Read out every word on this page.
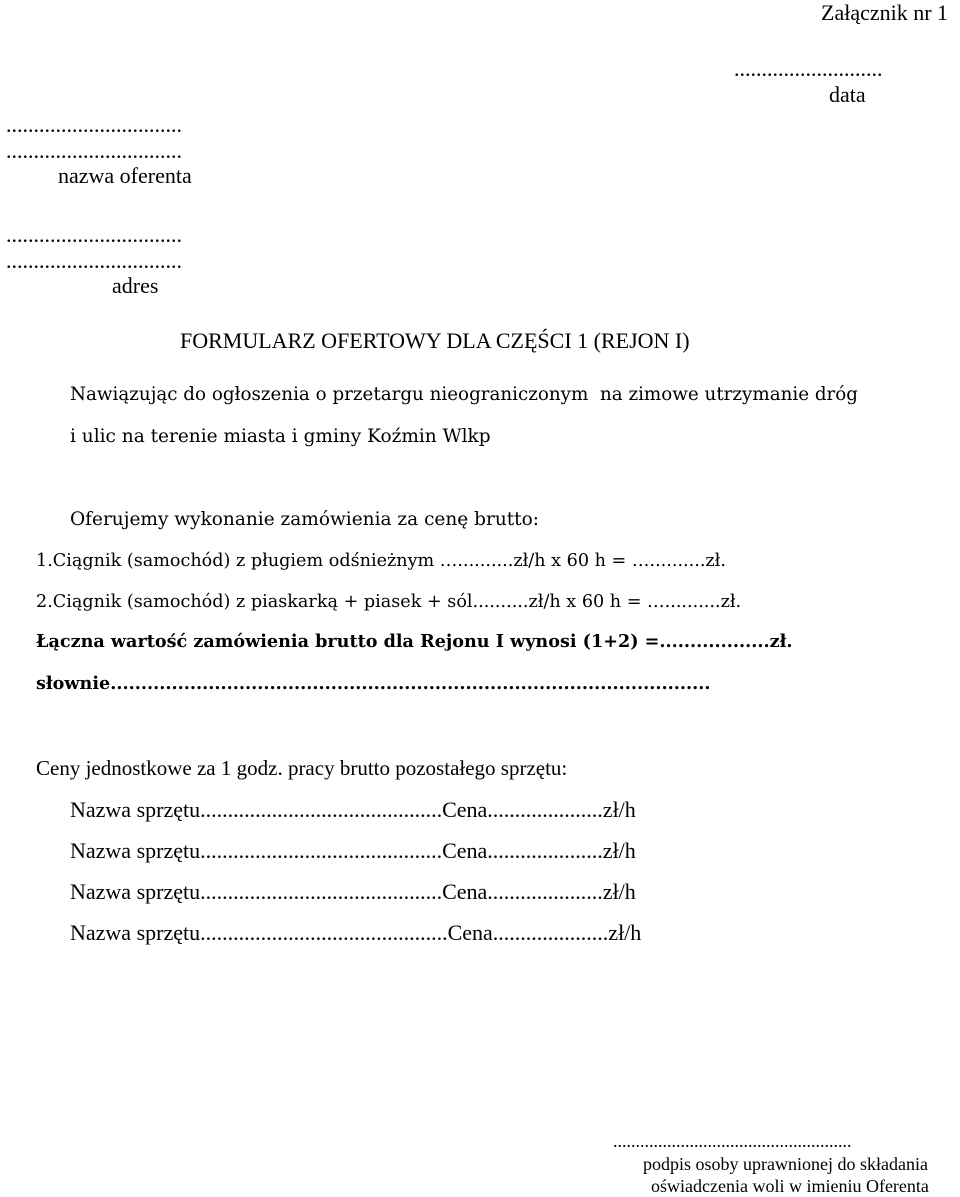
Załącznik nr 1
...........................
data
................................
................................
nazwa oferenta
................................
................................
adres
FORMULARZ OFERTOWY DLA CZĘŚCI 1 (REJON I)
Nawiązując do ogłoszenia o przetargu nieograniczonym  na zimowe utrzymanie dróg
i ulic na terenie miasta i gminy Koźmin Wlkp
Oferujemy wykonanie zamówienia za cenę brutto:
1.Ciągnik (samochód) z pługiem odśnieżnym …..........zł/h x 60 h = …..........zł.
2.Ciągnik (samochód) z piaskarką + piasek + sól..........zł/h x 60 h = …..........zł.
Łączna wartość zamówienia brutto dla Rejonu I wynosi (1+2) =..................zł.
słownie..................................................................................................
Ceny jednostkowe za 1 godz. pracy brutto pozostałego sprzętu:
Nazwa sprzętu............................................Cena.....................zł/h
Nazwa sprzętu............................................Cena.....................zł/h
Nazwa sprzętu............................................Cena.....................zł/h
Nazwa sprzętu.............................................Cena.....................zł/h
.....................................................
podpis osoby uprawnionej do składania
oświadczenia woli w imieniu Oferenta
